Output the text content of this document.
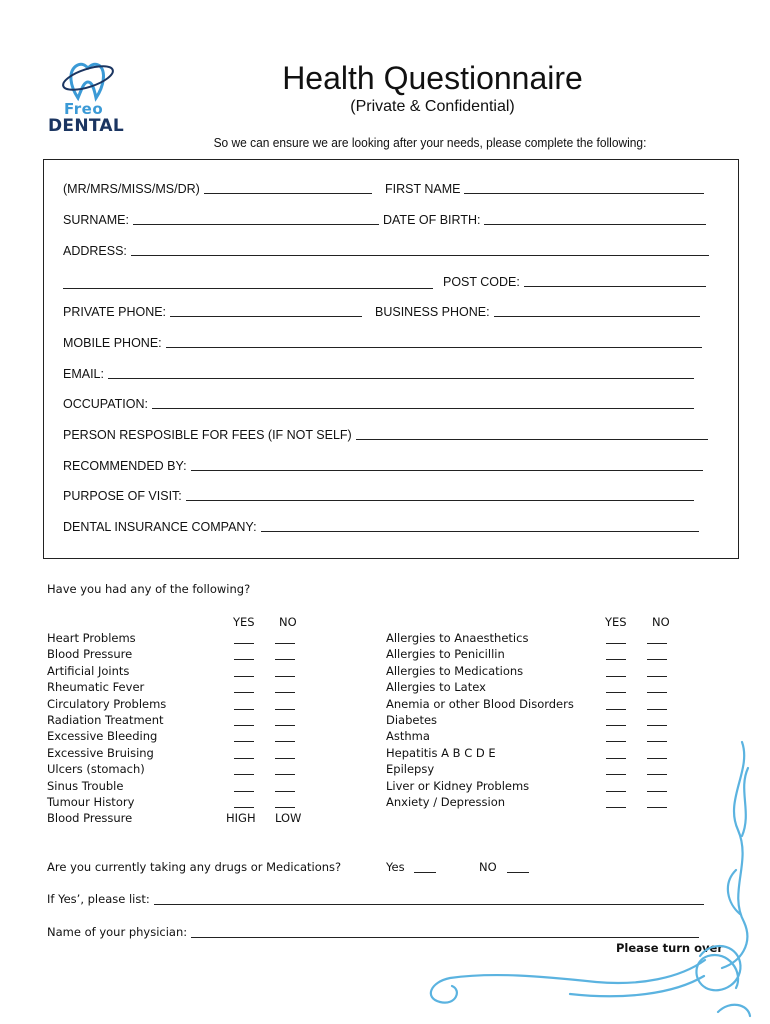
Freo
DENTAL
Health Questionnaire
(Private & Confidential)
So we can ensure we are looking after your needs, please complete the following:
(MR/MRS/MISS/MS/DR)	FIRST NAME
SURNAME:	DATE OF BIRTH:
ADDRESS:
POST CODE:
PRIVATE PHONE:	BUSINESS PHONE:
MOBILE PHONE:
EMAIL:
OCCUPATION:
PERSON RESPOSIBLE FOR FEES (IF NOT SELF)
RECOMMENDED BY:
PURPOSE OF VISIT:
DENTAL INSURANCE COMPANY:
Have you had any of the following?
YES NO	YES NO
Heart Problems
Blood Pressure
Artificial Joints
Rheumatic Fever
Circulatory Problems
Radiation Treatment
Excessive Bleeding
Excessive Bruising
Ulcers (stomach)
Sinus Trouble
Tumour History
Allergies to Anaesthetics
Allergies to Penicillin
Allergies to Medications
Allergies to Latex
Anemia or other Blood Disorders
Diabetes
Asthma
Hepatitis A B C D E
Epilepsy
Liver or Kidney Problems
Anxiety / Depression
Blood Pressure	HIGH LOW
Are you currently taking any drugs or Medications?	Yes	NO
If Yes’, please list:
Name of your physician:
Please turn over
